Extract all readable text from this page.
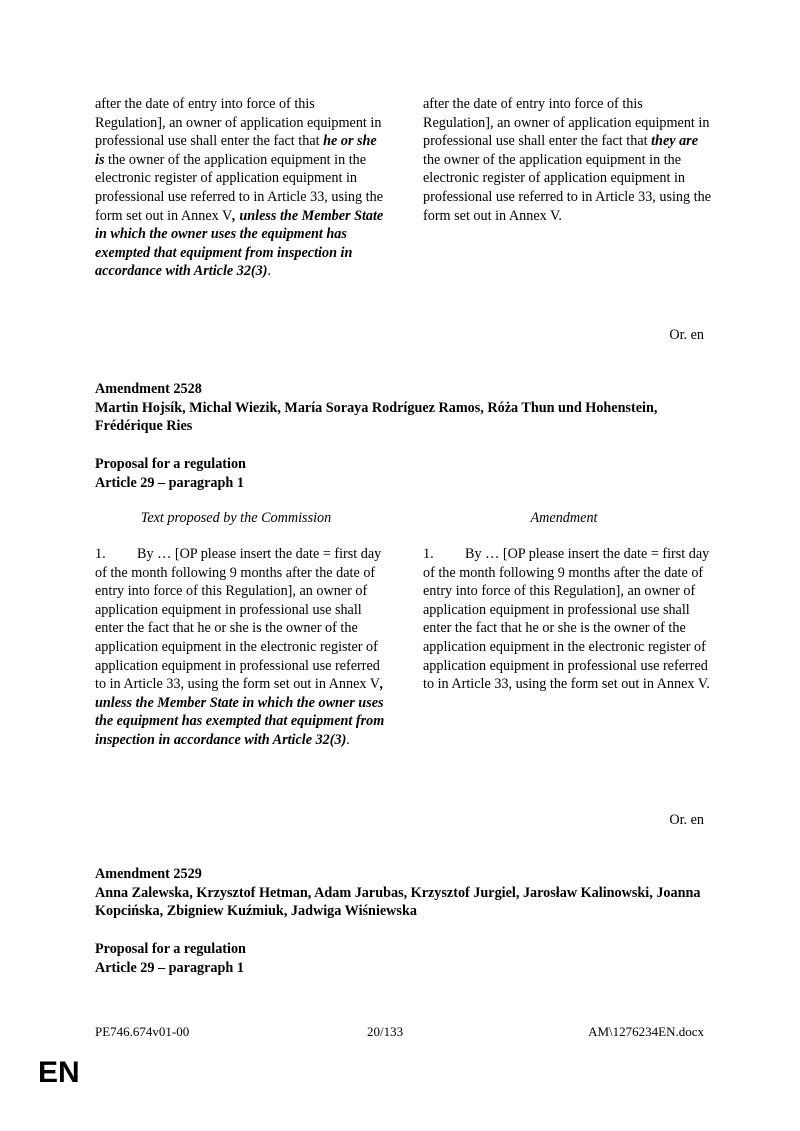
after the date of entry into force of this Regulation], an owner of application equipment in professional use shall enter the fact that he or she is the owner of the application equipment in the electronic register of application equipment in professional use referred to in Article 33, using the form set out in Annex V, unless the Member State in which the owner uses the equipment has exempted that equipment from inspection in accordance with Article 32(3).

after the date of entry into force of this Regulation], an owner of application equipment in professional use shall enter the fact that they are the owner of the application equipment in the electronic register of application equipment in professional use referred to in Article 33, using the form set out in Annex V.

Or. en

Amendment 2528

Martin Hojsík, Michal Wiezik, María Soraya Rodríguez Ramos, Róża Thun und Hohenstein, Frédérique Ries

Proposal for a regulation

Article 29 – paragraph 1

Text proposed by the Commission	Amendment

1. By … [OP please insert the date = first day of the month following 9 months after the date of entry into force of this Regulation], an owner of application equipment in professional use shall enter the fact that he or she is the owner of the application equipment in the electronic register of application equipment in professional use referred to in Article 33, using the form set out in Annex V, unless the Member State in which the owner uses the equipment has exempted that equipment from inspection in accordance with Article 32(3).

1. By … [OP please insert the date = first day of the month following 9 months after the date of entry into force of this Regulation], an owner of application equipment in professional use shall enter the fact that he or she is the owner of the application equipment in the electronic register of application equipment in professional use referred to in Article 33, using the form set out in Annex V.

Or. en

Amendment 2529

Anna Zalewska, Krzysztof Hetman, Adam Jarubas, Krzysztof Jurgiel, Jarosław Kalinowski, Joanna Kopcińska, Zbigniew Kuźmiuk, Jadwiga Wiśniewska

Proposal for a regulation

Article 29 – paragraph 1

PE746.674v01-00	20/133	AM\1276234EN.docx
EN
